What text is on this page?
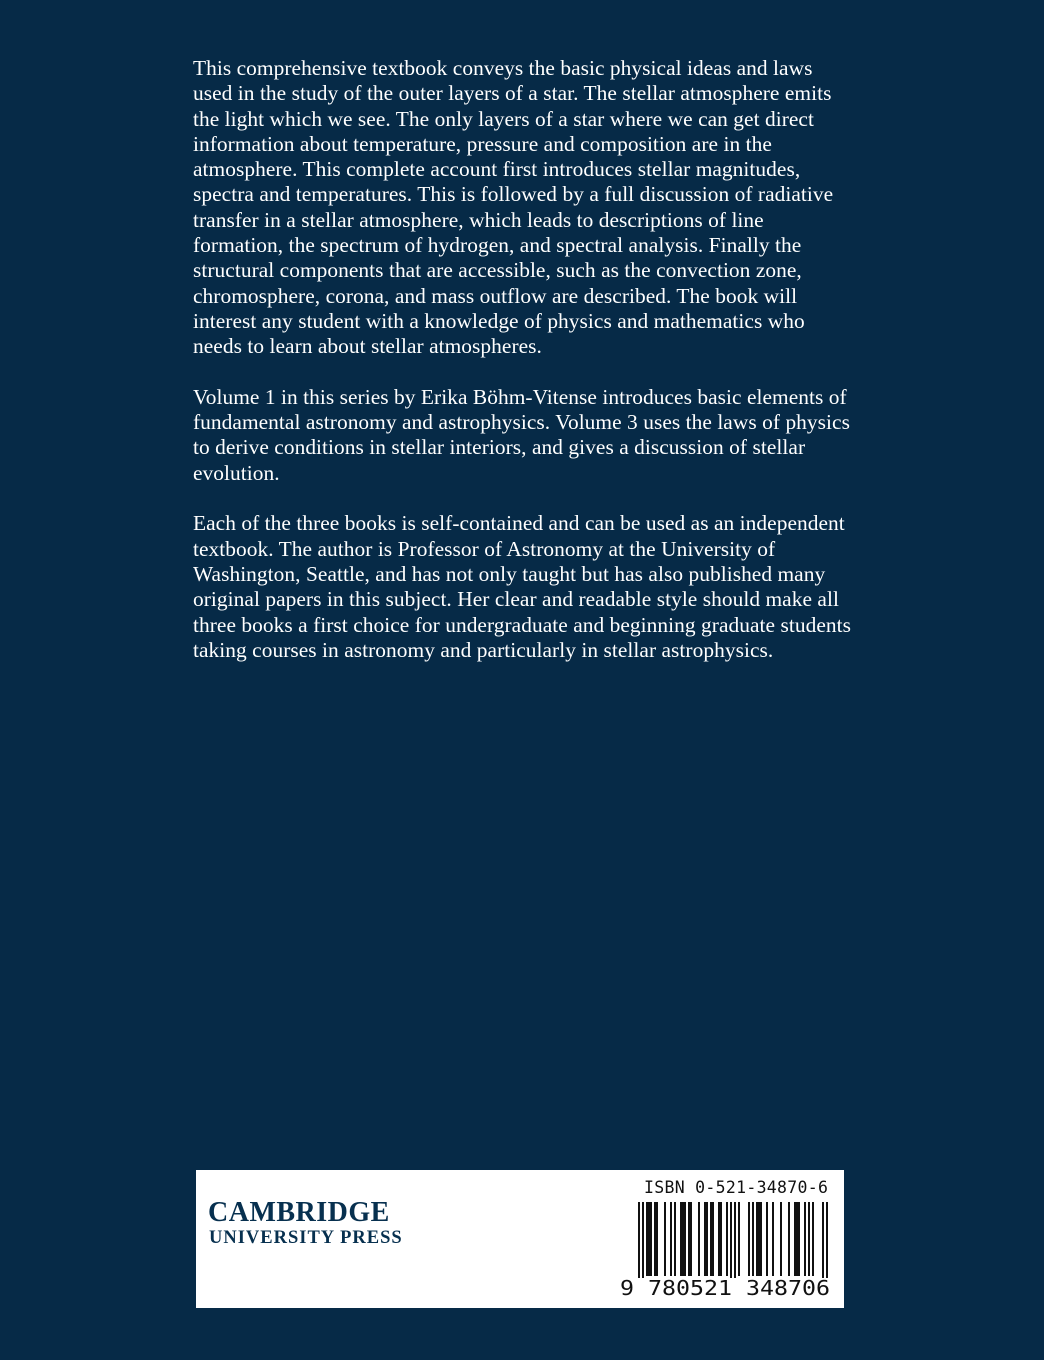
This comprehensive textbook conveys the basic physical ideas and laws used in the study of the outer layers of a star. The stellar atmosphere emits the light which we see. The only layers of a star where we can get direct information about temperature, pressure and composition are in the atmosphere. This complete account first introduces stellar magnitudes, spectra and temperatures. This is followed by a full discussion of radiative transfer in a stellar atmosphere, which leads to descriptions of line formation, the spectrum of hydrogen, and spectral analysis. Finally the structural components that are accessible, such as the convection zone, chromosphere, corona, and mass outflow are described. The book will interest any student with a knowledge of physics and mathematics who needs to learn about stellar atmospheres.

Volume 1 in this series by Erika Böhm-Vitense introduces basic elements of fundamental astronomy and astrophysics. Volume 3 uses the laws of physics to derive conditions in stellar interiors, and gives a discussion of stellar evolution.

Each of the three books is self-contained and can be used as an independent textbook. The author is Professor of Astronomy at the University of Washington, Seattle, and has not only taught but has also published many original papers in this subject. Her clear and readable style should make all three books a first choice for undergraduate and beginning graduate students taking courses in astronomy and particularly in stellar astrophysics.

CAMBRIDGE
UNIVERSITY PRESS
ISBN 0-521-34870-6
9 780521 348706
